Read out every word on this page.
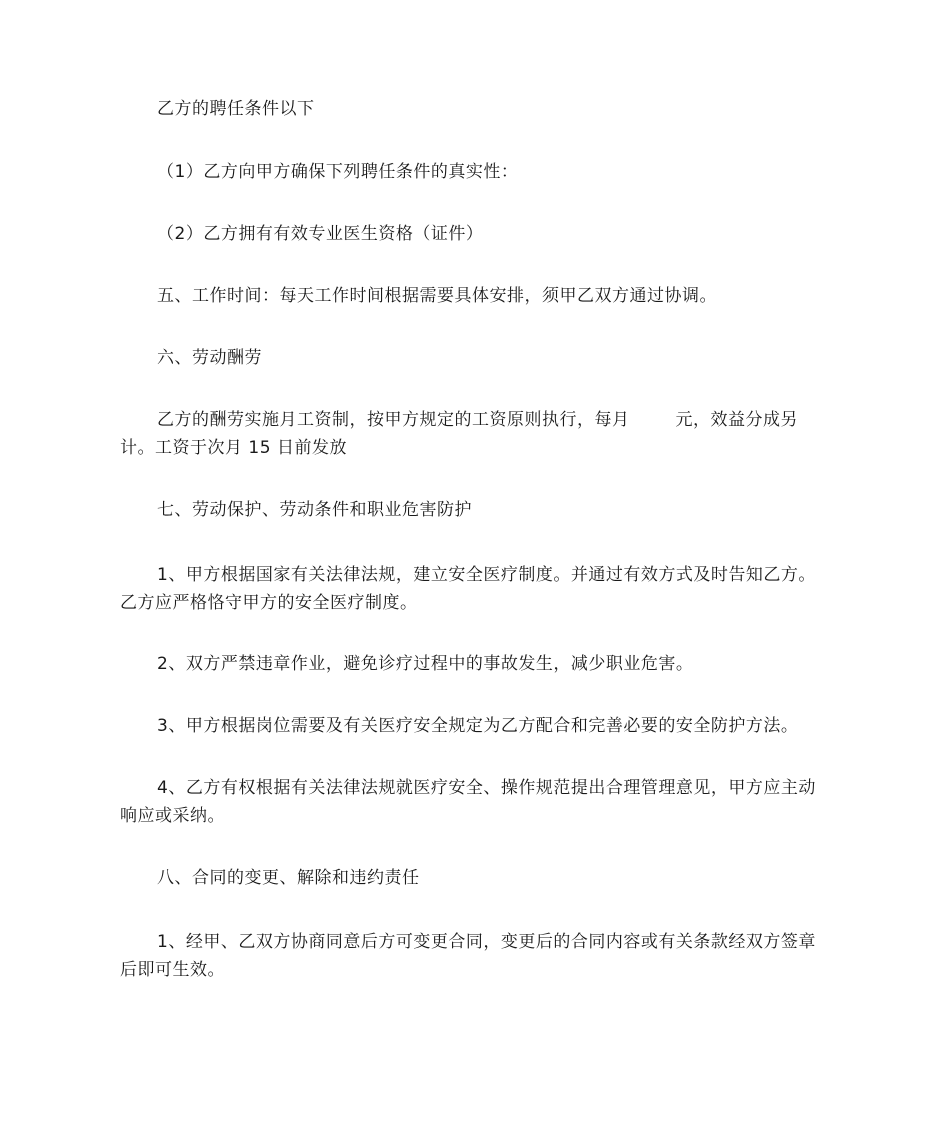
乙方的聘任条件以下

（1）乙方向甲方确保下列聘任条件的真实性：

（2）乙方拥有有效专业医生资格（证件）

五、工作时间：每天工作时间根据需要具体安排，须甲乙双方通过协调。

六、劳动酬劳

乙方的酬劳实施月工资制，按甲方规定的工资原则执行，每月	元，效益分成另计。工资于次月 15 日前发放

七、劳动保护、劳动条件和职业危害防护

1、甲方根据国家有关法律法规，建立安全医疗制度。并通过有效方式及时告知乙方。乙方应严格恪守甲方的安全医疗制度。

2、双方严禁违章作业，避免诊疗过程中的事故发生，减少职业危害。

3、甲方根据岗位需要及有关医疗安全规定为乙方配合和完善必要的安全防护方法。

4、乙方有权根据有关法律法规就医疗安全、操作规范提出合理管理意见，甲方应主动响应或采纳。

八、合同的变更、解除和违约责任

1、经甲、乙双方协商同意后方可变更合同，变更后的合同内容或有关条款经双方签章后即可生效。
